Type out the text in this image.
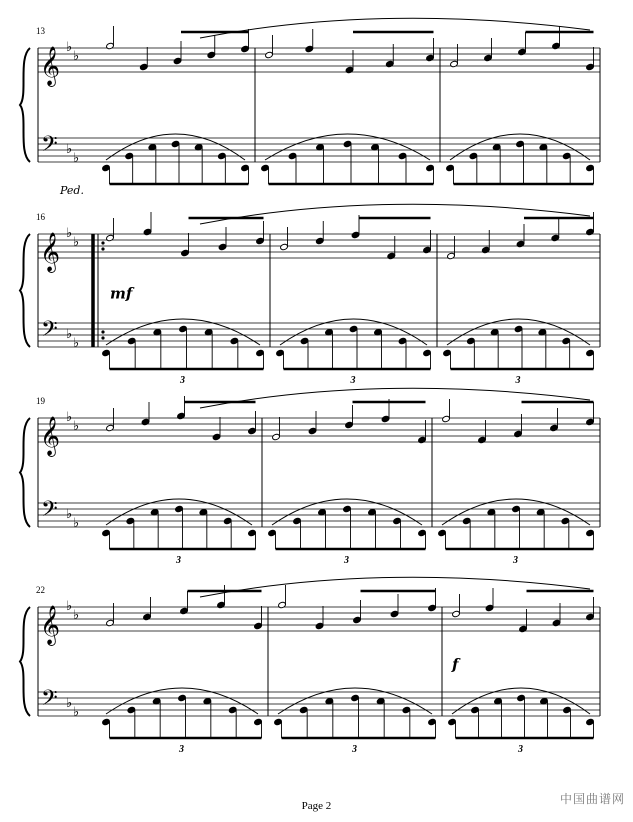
𝄞
𝄢
♭
♭
♭
♭
13
Ped.
𝄞
𝄢
♭
♭
♭
♭
16
3	3	3
mf
𝄞
𝄢
♭
♭
♭
♭
19
3	3	3
𝄞
𝄢
♭
♭
♭
♭
22
3	3	3
f
Page 2	中国曲谱网
